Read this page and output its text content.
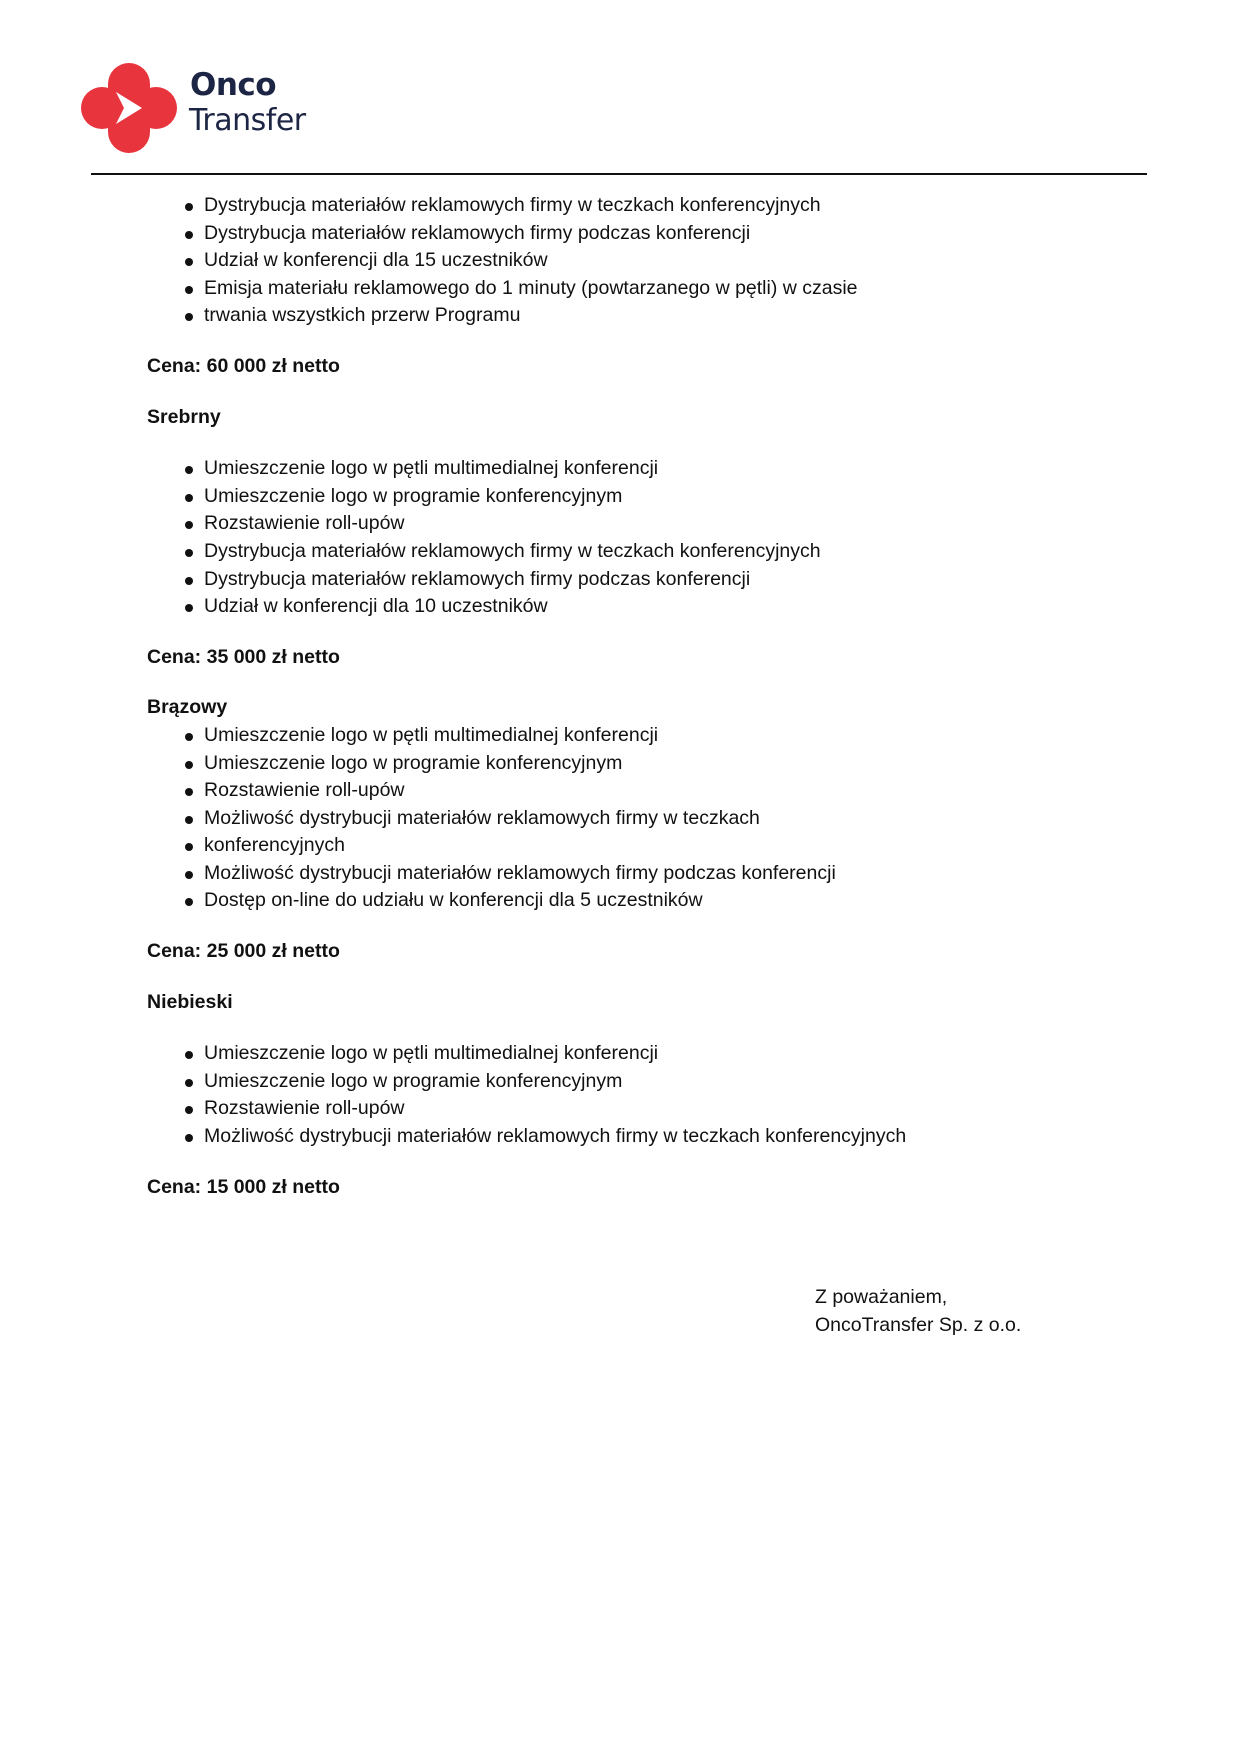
Onco
Transfer
Dystrybucja materiałów reklamowych firmy w teczkach konferencyjnych
Dystrybucja materiałów reklamowych firmy podczas konferencji
Udział w konferencji dla 15 uczestników
Emisja materiału reklamowego do 1 minuty (powtarzanego w pętli) w czasie
trwania wszystkich przerw Programu
Cena: 60 000 zł netto
Srebrny
Umieszczenie logo w pętli multimedialnej konferencji
Umieszczenie logo w programie konferencyjnym
Rozstawienie roll-upów
Dystrybucja materiałów reklamowych firmy w teczkach konferencyjnych
Dystrybucja materiałów reklamowych firmy podczas konferencji
Udział w konferencji dla 10 uczestników
Cena: 35 000 zł netto
Brązowy
Umieszczenie logo w pętli multimedialnej konferencji
Umieszczenie logo w programie konferencyjnym
Rozstawienie roll-upów
Możliwość dystrybucji materiałów reklamowych firmy w teczkach
konferencyjnych
Możliwość dystrybucji materiałów reklamowych firmy podczas konferencji
Dostęp on-line do udziału w konferencji dla 5 uczestników
Cena: 25 000 zł netto
Niebieski
Umieszczenie logo w pętli multimedialnej konferencji
Umieszczenie logo w programie konferencyjnym
Rozstawienie roll-upów
Możliwość dystrybucji materiałów reklamowych firmy w teczkach konferencyjnych
Cena: 15 000 zł netto
Z poważaniem,
OncoTransfer Sp. z o.o.
